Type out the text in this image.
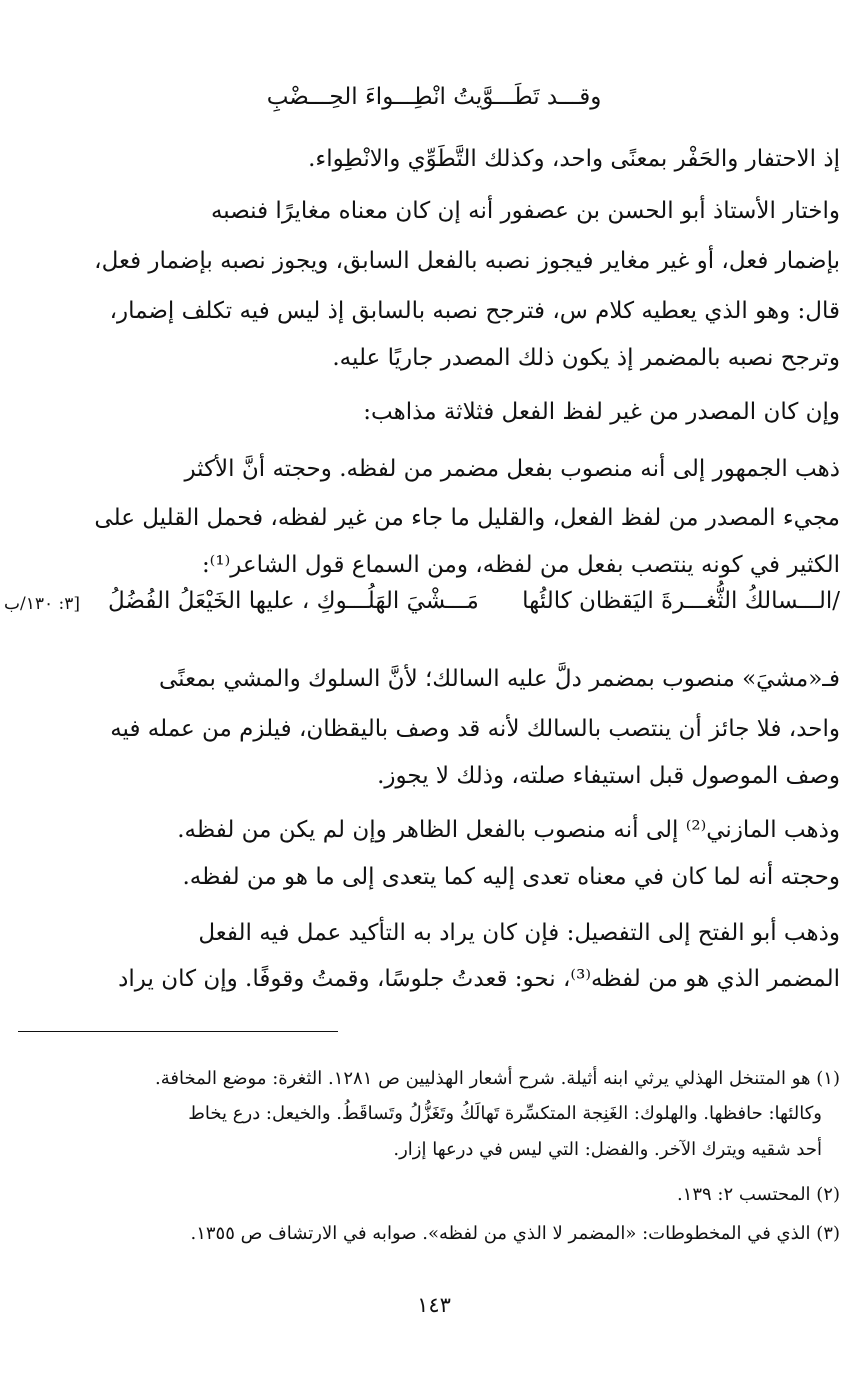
وقـــد تَطَـــوَّيتُ انْطِـــواءَ الحِـــضْبِ
إذ الاحتفار والحَفْر بمعنًى واحد، وكذلك التَّطَوِّي والانْطِواء.
واختار الأستاذ أبو الحسن بن عصفور أنه إن كان معناه مغايرًا فنصبه
بإضمار فعل، أو غير مغاير فيجوز نصبه بالفعل السابق، ويجوز نصبه بإضمار فعل،
قال: وهو الذي يعطيه كلام س، فترجح نصبه بالسابق إذ ليس فيه تكلف إضمار،
وترجح نصبه بالمضمر إذ يكون ذلك المصدر جاريًا عليه.
وإن كان المصدر من غير لفظ الفعل فثلاثة مذاهب:
ذهب الجمهور إلى أنه منصوب بفعل مضمر من لفظه. وحجته أنَّ الأكثر
مجيء المصدر من لفظ الفعل، والقليل ما جاء من غير لفظه، فحمل القليل على
الكثير في كونه ينتصب بفعل من لفظه، ومن السماع قول الشاعر⁽¹⁾:
/الـــسالكُ الثُّغـــرةَ اليَقظان كالئُها
مَـــشْيَ الهَلُـــوكِ ، عليها الخَيْعَلُ الفُضُلُ
[٣: ١٣٠/ب
فـ«مشيَ» منصوب بمضمر دلَّ عليه السالك؛ لأنَّ السلوك والمشي بمعنًى
واحد، فلا جائز أن ينتصب بالسالك لأنه قد وصف باليقظان، فيلزم من عمله فيه
وصف الموصول قبل استيفاء صلته، وذلك لا يجوز.
وذهب المازني⁽²⁾ إلى أنه منصوب بالفعل الظاهر وإن لم يكن من لفظه.
وحجته أنه لما كان في معناه تعدى إليه كما يتعدى إلى ما هو من لفظه.
وذهب أبو الفتح إلى التفصيل: فإن كان يراد به التأكيد عمل فيه الفعل
المضمر الذي هو من لفظه⁽³⁾، نحو: قعدتُ جلوسًا، وقمتُ وقوفًا. وإن كان يراد
(١) هو المتنخل الهذلي يرثي ابنه أثيلة. شرح أشعار الهذليين ص ١٢٨١. الثغرة: موضع المخافة.
وكالئها: حافظها. والهلوك: الغَنِجة المتكسِّرة تَهالَكُ وتَغَزُّلُ وتَساقَطُ. والخيعل: درع يخاط
أحد شقيه ويترك الآخر. والفضل: التي ليس في درعها إزار.
(٢) المحتسب ٢: ١٣٩.
(٣) الذي في المخطوطات: «المضمر لا الذي من لفظه». صوابه في الارتشاف ص ١٣٥٥.
١٤٣
